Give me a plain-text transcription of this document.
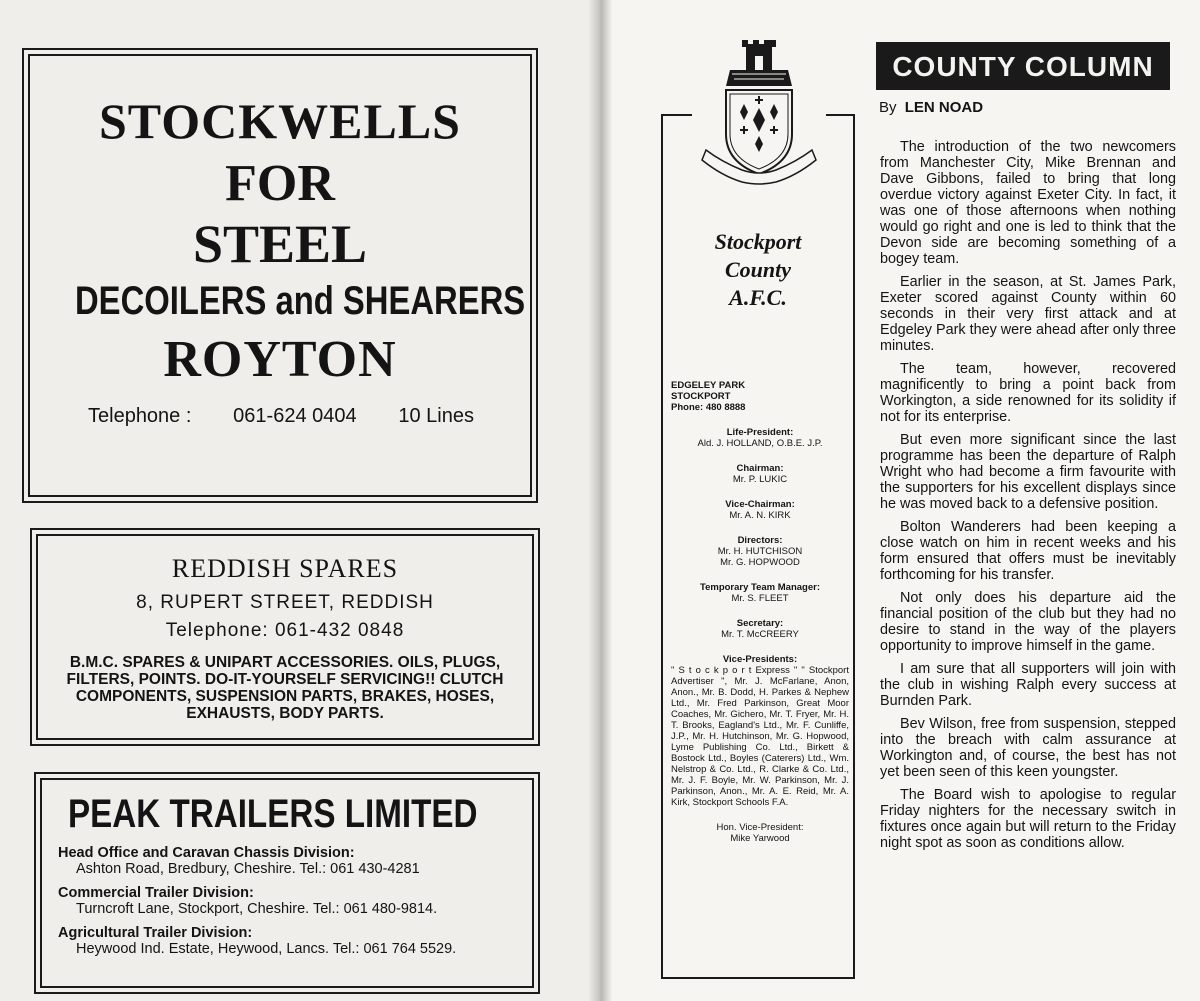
STOCKWELLS
FOR
STEEL
DECOILERS and SHEARERS
ROYTON
Telephone : 061-624 0404 10 Lines
REDDISH SPARES
8, RUPERT STREET, REDDISH
Telephone: 061-432 0848
B.M.C. SPARES & UNIPART ACCESSORIES. OILS, PLUGS, FILTERS, POINTS. DO-IT-YOURSELF SERVICING!! CLUTCH COMPONENTS, SUSPENSION PARTS, BRAKES, HOSES, EXHAUSTS, BODY PARTS.
PEAK TRAILERS LIMITED
Head Office and Caravan Chassis Division:
Ashton Road, Bredbury, Cheshire. Tel.: 061 430-4281
Commercial Trailer Division:
Turncroft Lane, Stockport, Cheshire. Tel.: 061 480-9814.
Agricultural Trailer Division:
Heywood Ind. Estate, Heywood, Lancs. Tel.: 061 764 5529.
Stockport
County
A.F.C.
EDGELEY PARK
STOCKPORT
Phone: 480 8888
Life-President:
Ald. J. HOLLAND, O.B.E. J.P.
Chairman:
Mr. P. LUKIC
Vice-Chairman:
Mr. A. N. KIRK
Directors:
Mr. H. HUTCHISON
Mr. G. HOPWOOD
Temporary Team Manager:
Mr. S. FLEET
Secretary:
Mr. T. McCREERY
Vice-Presidents:
" S t o c k p o r t Express " " Stockport Advertiser ", Mr. J. McFarlane, Anon, Anon., Mr. B. Dodd, H. Parkes & Nephew Ltd., Mr. Fred Parkinson, Great Moor Coaches, Mr. Gichero, Mr. T. Fryer, Mr. H. T. Brooks, Eagland's Ltd., Mr. F. Cunliffe, J.P., Mr. H. Hutchinson, Mr. G. Hopwood, Lyme Publishing Co. Ltd., Birkett & Bostock Ltd., Boyles (Caterers) Ltd., Wm. Nelstrop & Co. Ltd., R. Clarke & Co. Ltd., Mr. J. F. Boyle, Mr. W. Parkinson, Mr. J. Parkinson, Anon., Mr. A. E. Reid, Mr. A. Kirk, Stockport Schools F.A.
Hon. Vice-President:
Mike Yarwood
COUNTY COLUMN
By LEN NOAD

The introduction of the two newcomers from Manchester City, Mike Brennan and Dave Gibbons, failed to bring that long overdue victory against Exeter City. In fact, it was one of those afternoons when nothing would go right and one is led to think that the Devon side are becoming something of a bogey team.

Earlier in the season, at St. James Park, Exeter scored against County within 60 seconds in their very first attack and at Edgeley Park they were ahead after only three minutes.

The team, however, recovered magnificently to bring a point back from Workington, a side renowned for its solidity if not for its enterprise.

But even more significant since the last programme has been the departure of Ralph Wright who had become a firm favourite with the supporters for his excellent displays since he was moved back to a defensive position.

Bolton Wanderers had been keeping a close watch on him in recent weeks and his form ensured that offers must be inevitably forthcoming for his transfer.

Not only does his departure aid the financial position of the club but they had no desire to stand in the way of the players opportunity to improve himself in the game.

I am sure that all supporters will join with the club in wishing Ralph every success at Burnden Park.

Bev Wilson, free from suspension, stepped into the breach with calm assurance at Workington and, of course, the best has not yet been seen of this keen youngster.

The Board wish to apologise to regular Friday nighters for the necessary switch in fixtures once again but will return to the Friday night spot as soon as conditions allow.
